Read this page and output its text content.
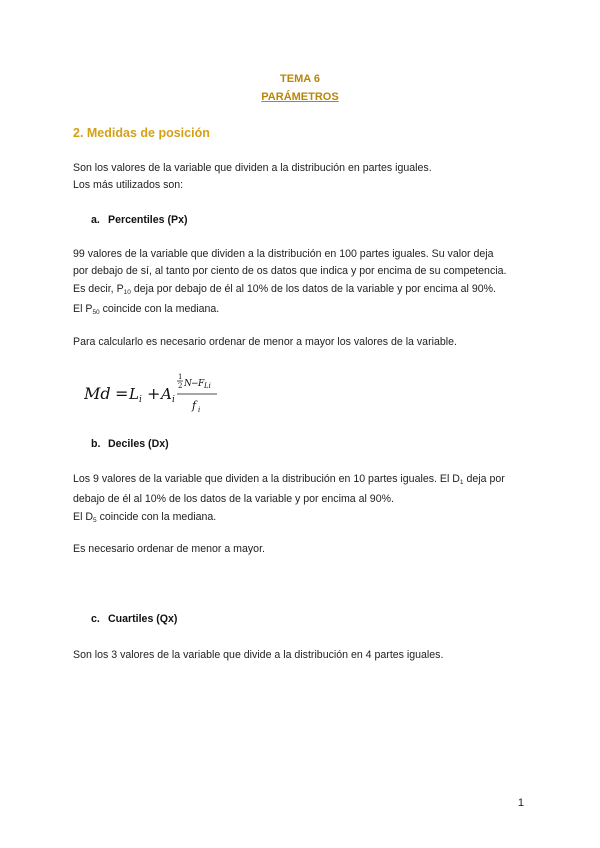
TEMA 6
PARÁMETROS
2. Medidas de posición
Son los valores de la variable que dividen a la distribución en partes iguales.
Los más utilizados son:
a. Percentiles (Px)
99 valores de la variable que dividen a la distribución en 100 partes iguales. Su valor deja
por debajo de sí, al tanto por ciento de os datos que indica y por encima de su competencia.
Es decir, $P_{10}$ deja por debajo de él al 10% de los datos de la variable y por encima al 90%.
El $P_{50}$ coincide con la mediana.
Para calcularlo es necesario ordenar de menor a mayor los valores de la variable.
Md = L i + A i
1
2 N − F Li
f i
b. Deciles (Dx)
Los 9 valores de la variable que dividen a la distribución en 10 partes iguales. El $D_1$ deja por
debajo de él al 10% de los datos de la variable y por encima al 90%.
El $D_5$ coincide con la mediana.
Es necesario ordenar de menor a mayor.
c. Cuartiles (Qx)
Son los 3 valores de la variable que divide a la distribución en 4 partes iguales.
1
